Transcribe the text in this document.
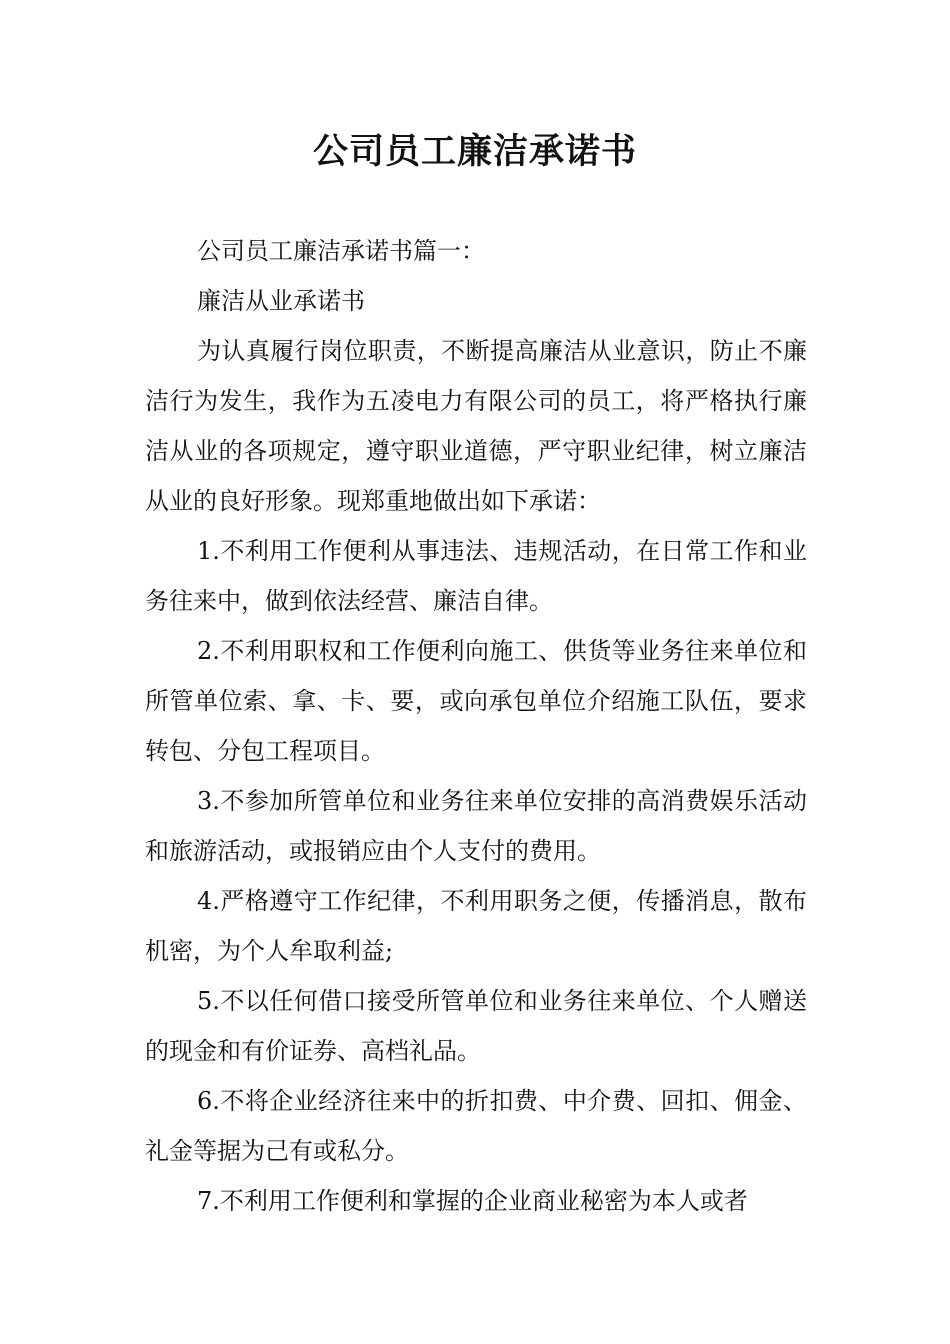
公司员工廉洁承诺书

公司员工廉洁承诺书篇一：

廉洁从业承诺书

为认真履行岗位职责，不断提高廉洁从业意识，防止不廉洁行为发生，我作为五凌电力有限公司的员工，将严格执行廉洁从业的各项规定，遵守职业道德，严守职业纪律，树立廉洁从业的良好形象。现郑重地做出如下承诺：

1.不利用工作便利从事违法、违规活动，在日常工作和业务往来中，做到依法经营、廉洁自律。

2.不利用职权和工作便利向施工、供货等业务往来单位和所管单位索、拿、卡、要，或向承包单位介绍施工队伍，要求转包、分包工程项目。

3.不参加所管单位和业务往来单位安排的高消费娱乐活动和旅游活动，或报销应由个人支付的费用。

4.严格遵守工作纪律，不利用职务之便，传播消息，散布机密，为个人牟取利益;

5.不以任何借口接受所管单位和业务往来单位、个人赠送的现金和有价证券、高档礼品。

6.不将企业经济往来中的折扣费、中介费、回扣、佣金、礼金等据为己有或私分。

7.不利用工作便利和掌握的企业商业秘密为本人或者
